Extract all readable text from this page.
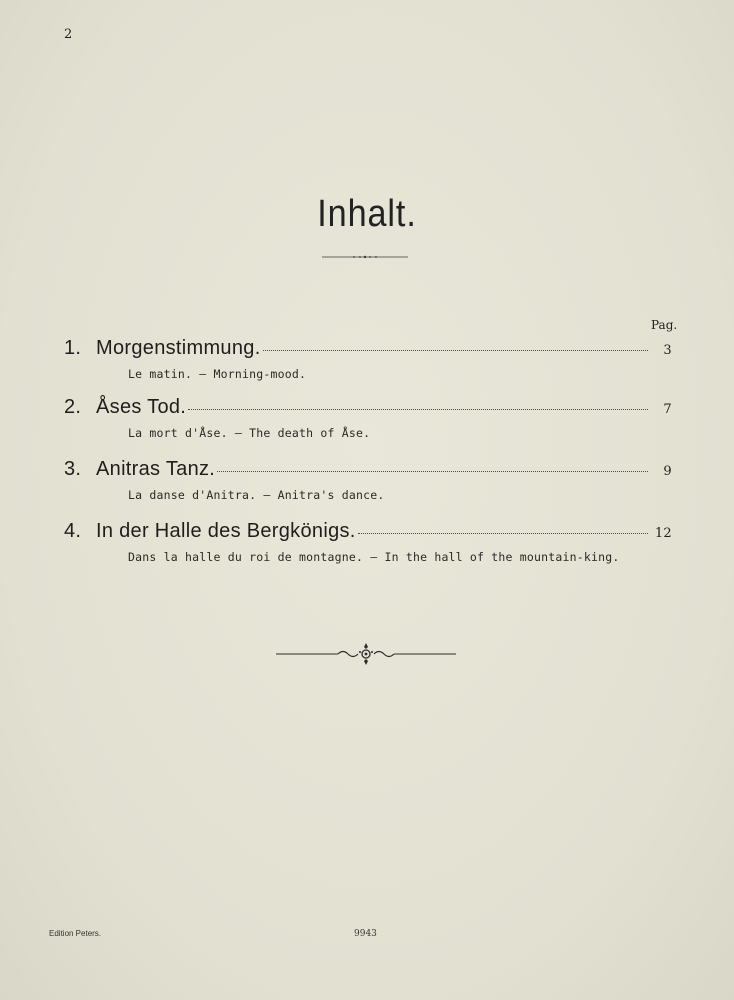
2
Inhalt.
Pag.
1. Morgenstimmung.	3
Le matin. — Morning-mood.
2. Åses Tod.	7
La mort d'Åse. — The death of Åse.
3. Anitras Tanz.	9
La danse d'Anitra. — Anitra's dance.
4. In der Halle des Bergkönigs.	12
Dans la halle du roi de montagne. — In the hall of the mountain-king.
Edition Peters.	9943
